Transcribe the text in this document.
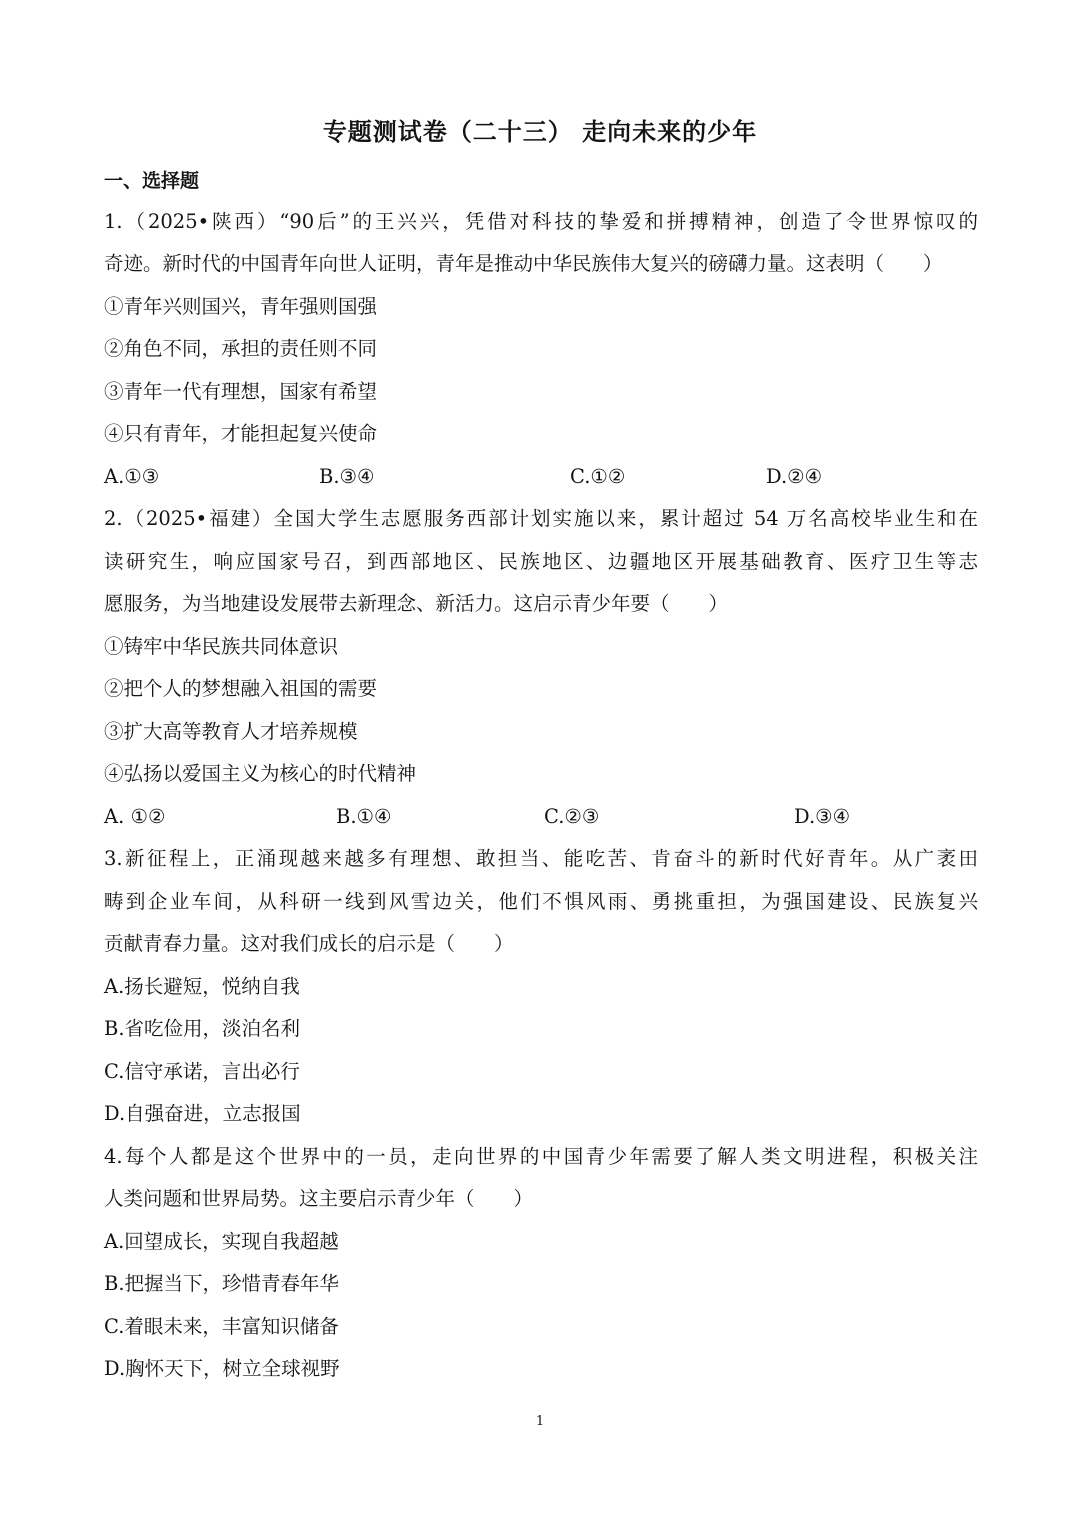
专题测试卷（二十三） 走向未来的少年
一、选择题
1.（2025•陕西）“90后”的王兴兴，凭借对科技的挚爱和拼搏精神，创造了令世界惊叹的
奇迹。新时代的中国青年向世人证明，青年是推动中华民族伟大复兴的磅礴力量。这表明（　　）
①青年兴则国兴，青年强则国强
②角色不同，承担的责任则不同
③青年一代有理想，国家有希望
④只有青年，才能担起复兴使命
A.①③	B.③④	C.①②	D.②④
2.（2025•福建）全国大学生志愿服务西部计划实施以来，累计超过 54 万名高校毕业生和在
读研究生，响应国家号召，到西部地区、民族地区、边疆地区开展基础教育、医疗卫生等志
愿服务，为当地建设发展带去新理念、新活力。这启示青少年要（　　）
①铸牢中华民族共同体意识
②把个人的梦想融入祖国的需要
③扩大高等教育人才培养规模
④弘扬以爱国主义为核心的时代精神
A. ①②	B.①④	C.②③	D.③④
3.新征程上，正涌现越来越多有理想、敢担当、能吃苦、肯奋斗的新时代好青年。从广袤田
畴到企业车间，从科研一线到风雪边关，他们不惧风雨、勇挑重担，为强国建设、民族复兴
贡献青春力量。这对我们成长的启示是（　　）
A.扬长避短，悦纳自我
B.省吃俭用，淡泊名利
C.信守承诺，言出必行
D.自强奋进，立志报国
4.每个人都是这个世界中的一员，走向世界的中国青少年需要了解人类文明进程，积极关注
人类问题和世界局势。这主要启示青少年（　　）
A.回望成长，实现自我超越
B.把握当下，珍惜青春年华
C.着眼未来，丰富知识储备
D.胸怀天下，树立全球视野
1
